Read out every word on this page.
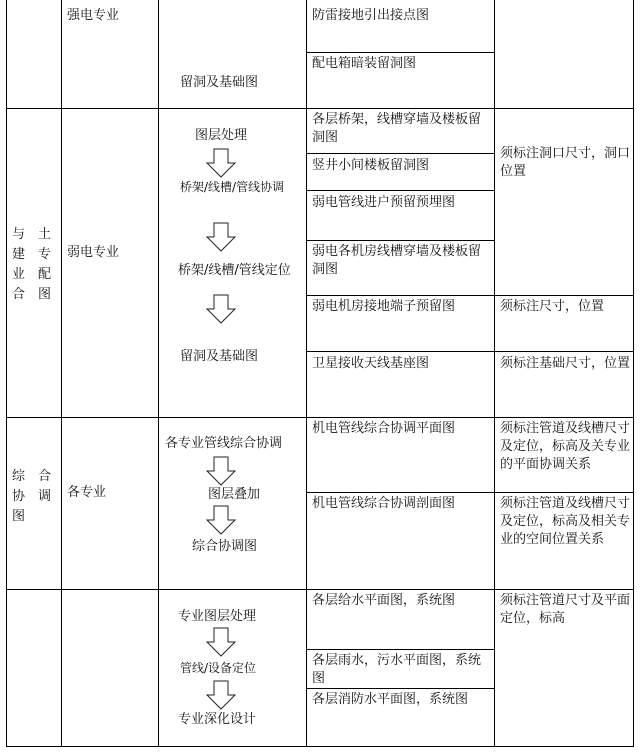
强电专业
留洞及基础图
防雷接地引出接点图
配电箱暗装留洞图
与 土
建 专
业 配
合 图
弱电专业
图层处理
桥架/线槽/管线协调
桥架/线槽/管线定位
留洞及基础图
各层桥架，线槽穿墙及楼板留洞图
竖井小间楼板留洞图
弱电管线进户预留预埋图
弱电各机房线槽穿墙及楼板留洞图
弱电机房接地端子预留图
卫星接收天线基座图
须标注洞口尺寸，洞口位置
须标注尺寸，位置
须标注基础尺寸，位置
综 合
协 调
图
各专业
各专业管线综合协调
图层叠加
综合协调图
机电管线综合协调平面图
机电管线综合协调剖面图
须标注管道及线槽尺寸及定位，标高及关专业的平面协调关系
须标注管道及线槽尺寸及定位，标高及相关专业的空间位置关系
专业图层处理
管线/设备定位
专业深化设计
各层给水平面图，系统图
各层雨水，污水平面图，系统图
各层消防水平面图，系统图
须标注管道尺寸及平面定位，标高
